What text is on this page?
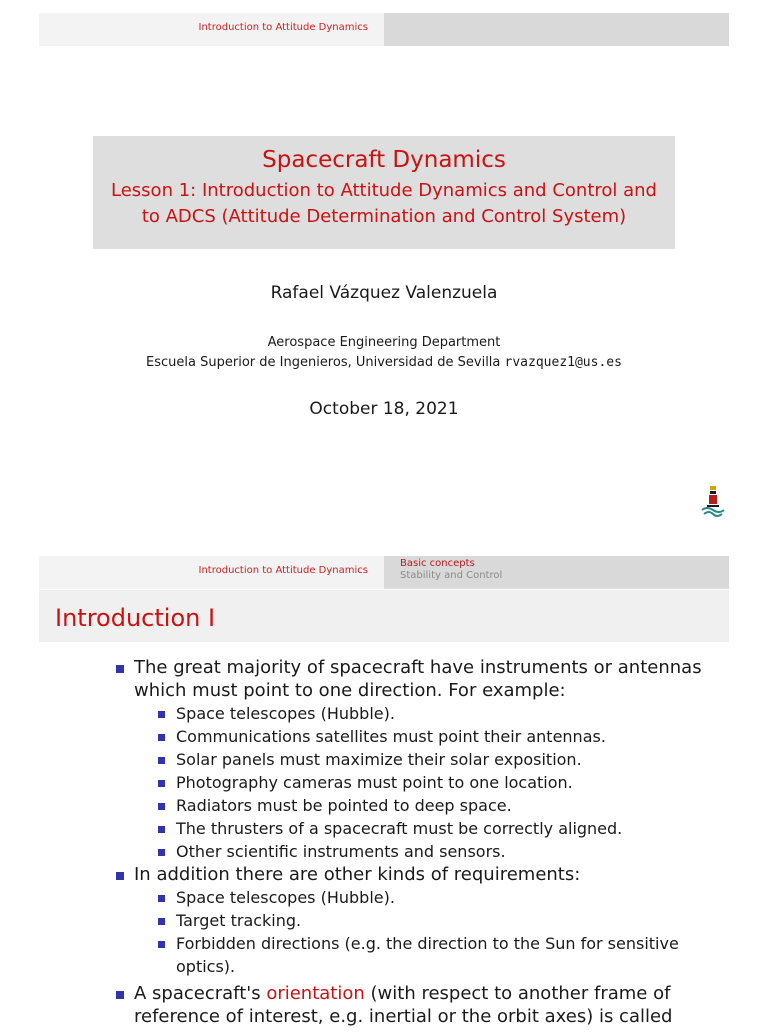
Introduction to Attitude Dynamics
Spacecraft Dynamics
Lesson 1: Introduction to Attitude Dynamics and Control and
to ADCS (Attitude Determination and Control System)
Rafael Vázquez Valenzuela
Aerospace Engineering Department
Escuela Superior de Ingenieros, Universidad de Sevilla rvazquez1@us.es
October 18, 2021
Introduction to Attitude Dynamics
Basic concepts
Stability and Control
Introduction I
The great majority of spacecraft have instruments or antennas
which must point to one direction. For example:
Space telescopes (Hubble).
Communications satellites must point their antennas.
Solar panels must maximize their solar exposition.
Photography cameras must point to one location.
Radiators must be pointed to deep space.
The thrusters of a spacecraft must be correctly aligned.
Other scientific instruments and sensors.
In addition there are other kinds of requirements:
Space telescopes (Hubble).
Target tracking.
Forbidden directions (e.g. the direction to the Sun for sensitive
optics).
A spacecraft's orientation (with respect to another frame of
reference of interest, e.g. inertial or the orbit axes) is called
